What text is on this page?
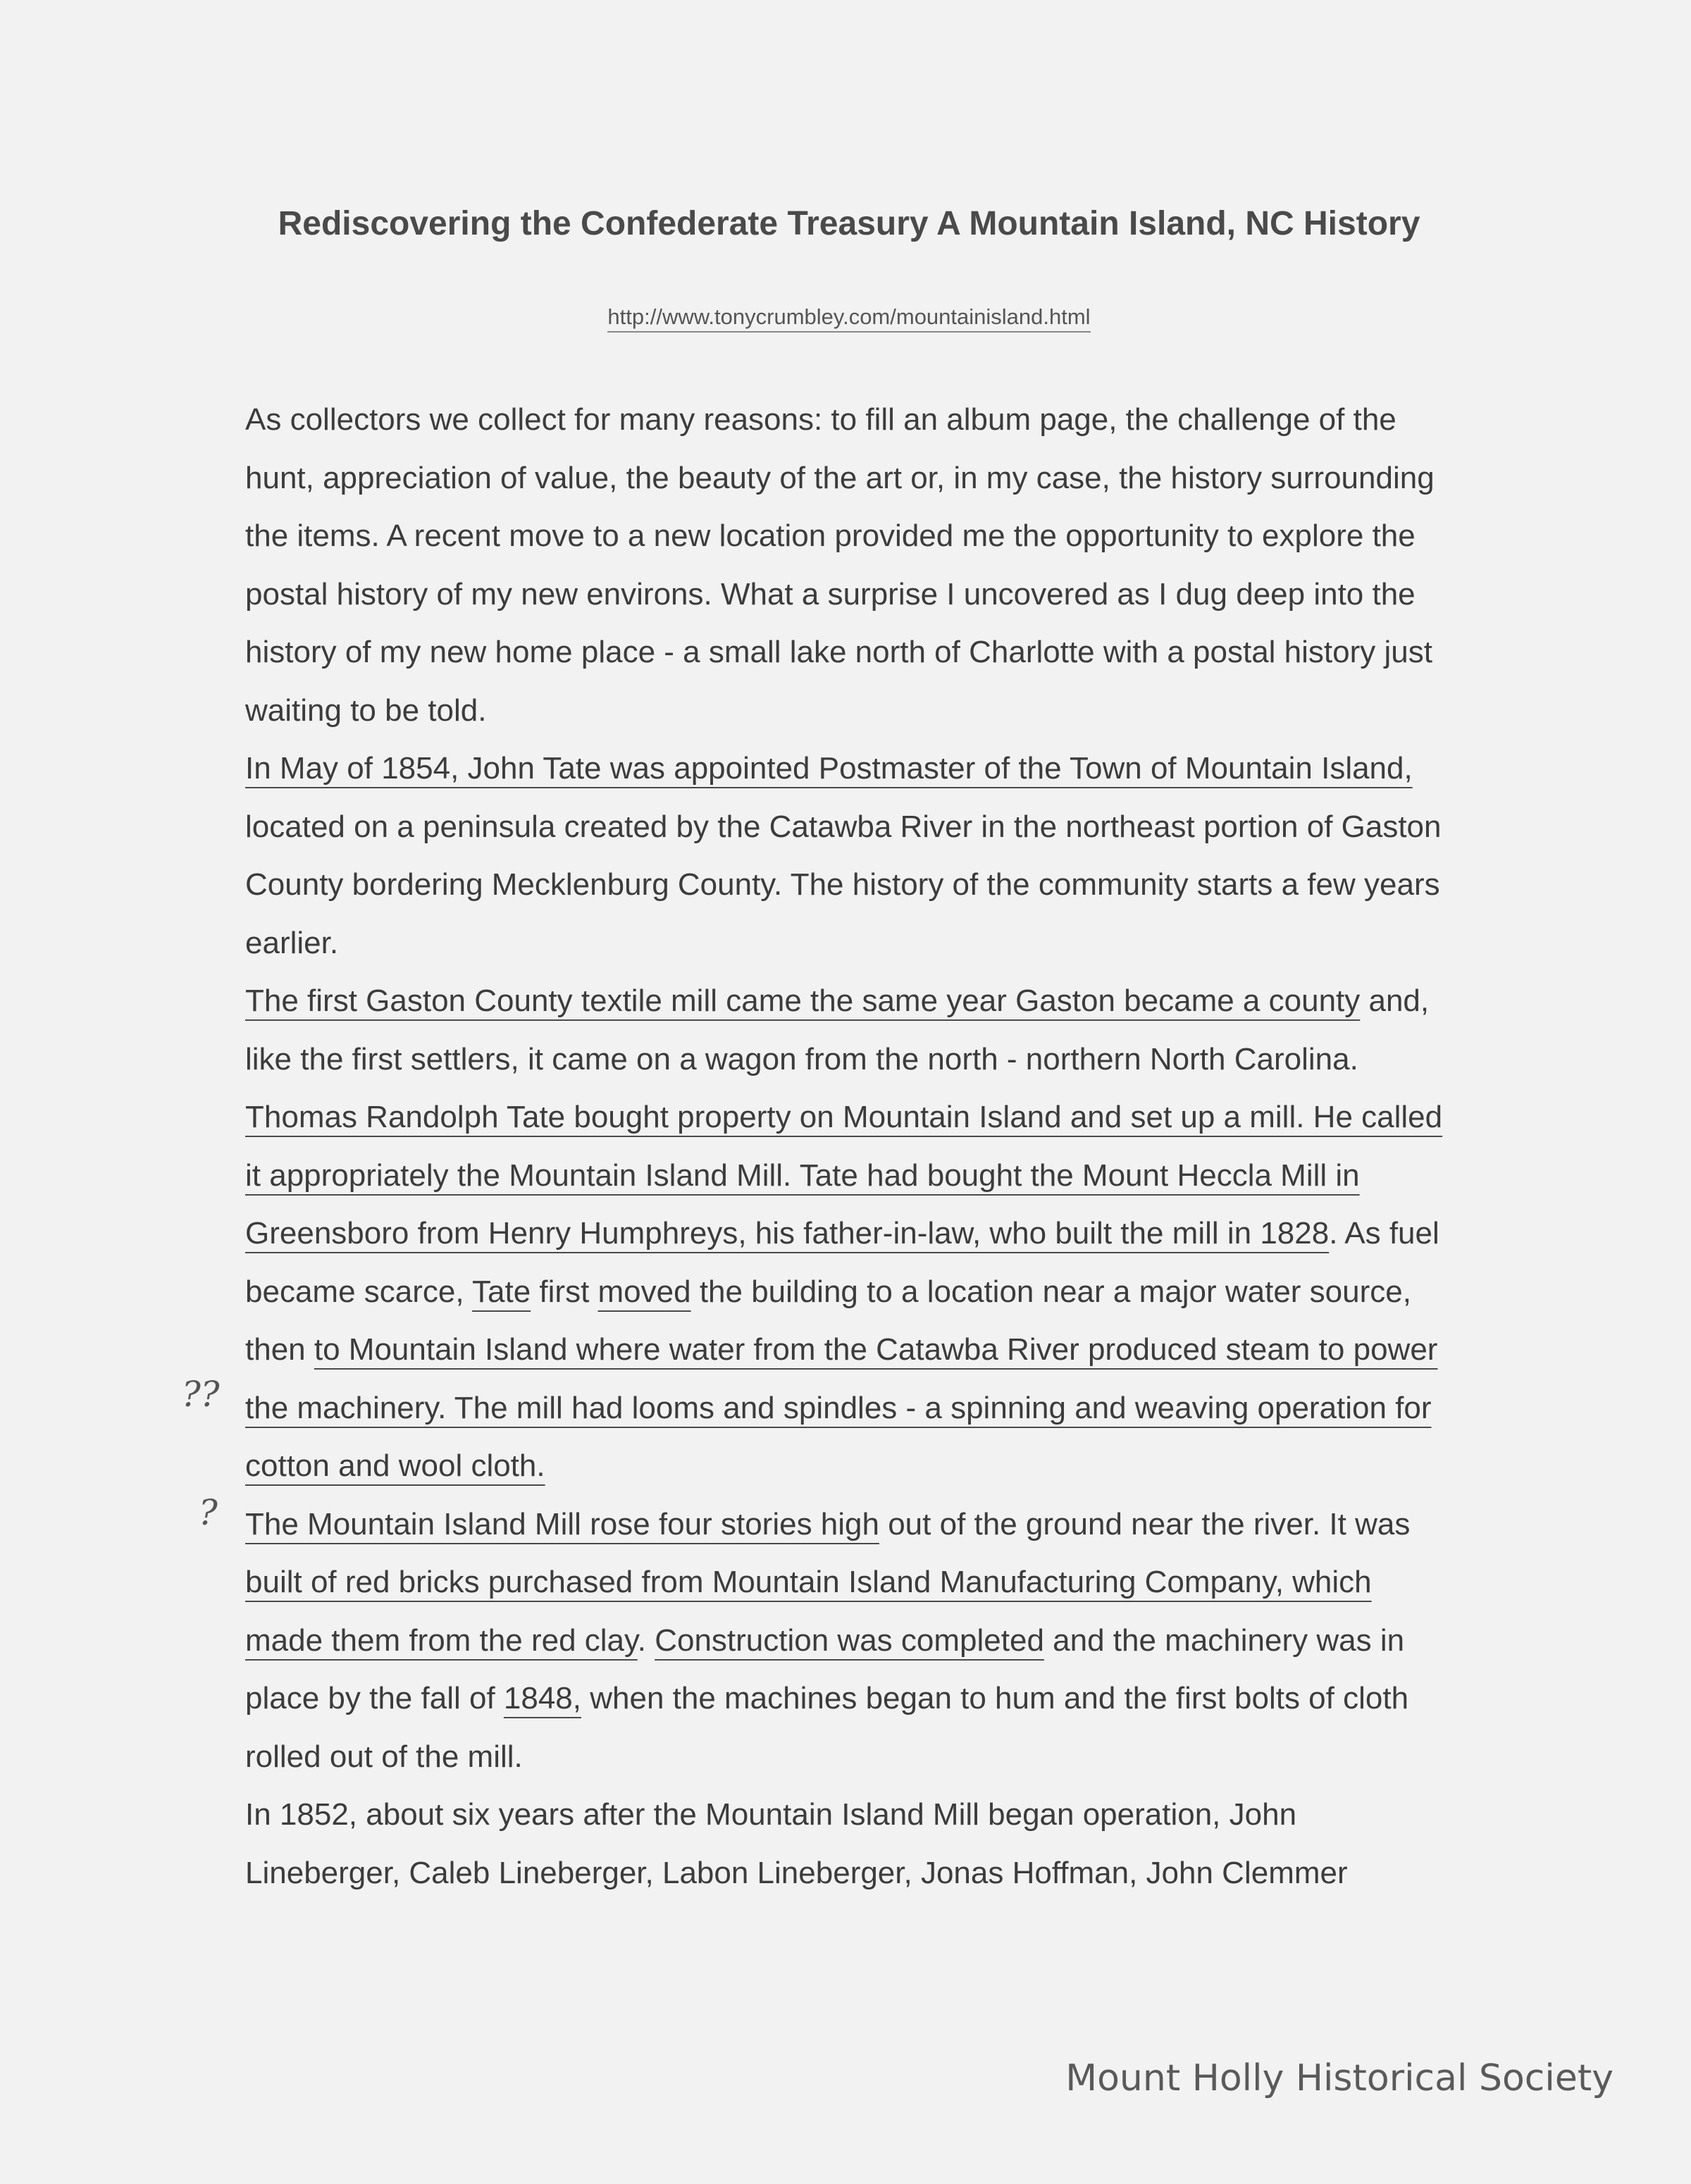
Rediscovering the Confederate Treasury A Mountain Island, NC History
http://www.tonycrumbley.com/mountainisland.html

As collectors we collect for many reasons: to fill an album page, the challenge of the hunt, appreciation of value, the beauty of the art or, in my case, the history surrounding the items. A recent move to a new location provided me the opportunity to explore the postal history of my new environs. What a surprise I uncovered as I dug deep into the history of my new home place - a small lake north of Charlotte with a postal history just waiting to be told.

In May of 1854, John Tate was appointed Postmaster of the Town of Mountain Island, located on a peninsula created by the Catawba River in the northeast portion of Gaston County bordering Mecklenburg County. The history of the community starts a few years earlier.

The first Gaston County textile mill came the same year Gaston became a county and, like the first settlers, it came on a wagon from the north - northern North Carolina. Thomas Randolph Tate bought property on Mountain Island and set up a mill. He called it appropriately the Mountain Island Mill. Tate had bought the Mount Heccla Mill in Greensboro from Henry Humphreys, his father-in-law, who built the mill in 1828. As fuel became scarce, Tate first moved the building to a location near a major water source, then to Mountain Island where water from the Catawba River produced steam to power the machinery. The mill had looms and spindles - a spinning and weaving operation for cotton and wool cloth.

The Mountain Island Mill rose four stories high out of the ground near the river. It was built of red bricks purchased from Mountain Island Manufacturing Company, which made them from the red clay. Construction was completed and the machinery was in place by the fall of 1848, when the machines began to hum and the first bolts of cloth rolled out of the mill.

In 1852, about six years after the Mountain Island Mill began operation, John Lineberger, Caleb Lineberger, Labon Lineberger, Jonas Hoffman, John Clemmer

??
?
Mount Holly Historical Society
